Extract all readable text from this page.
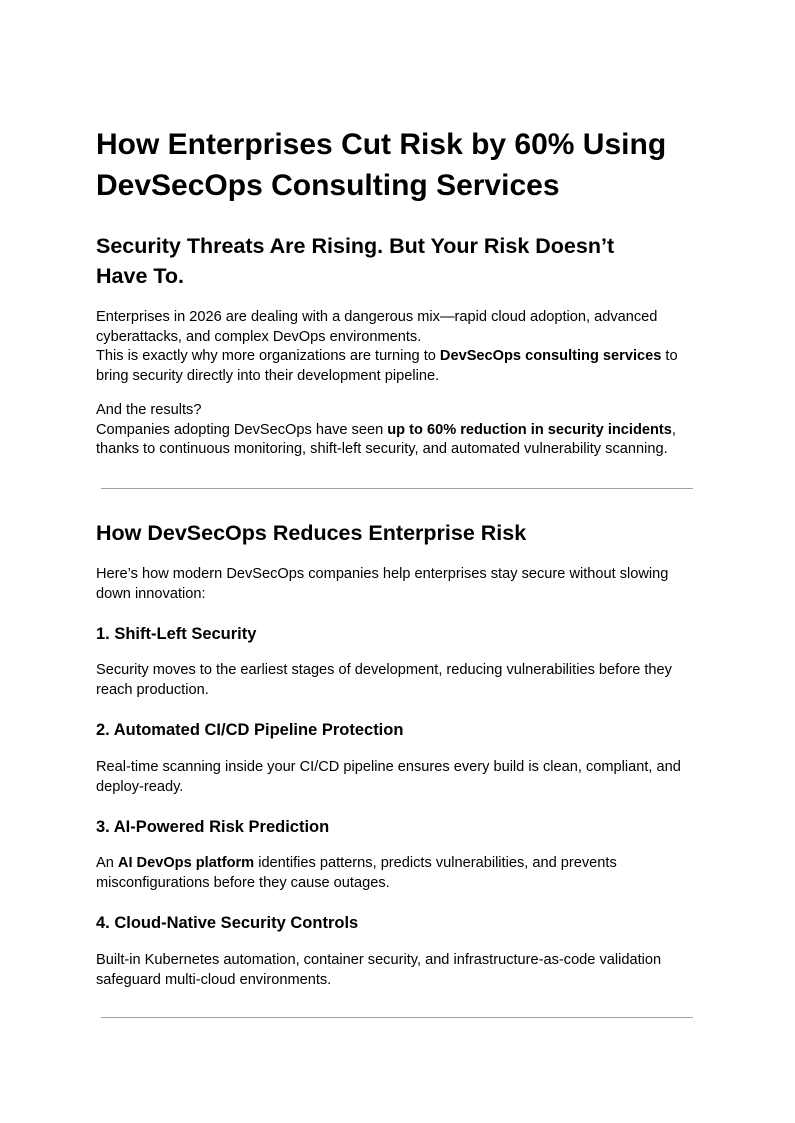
How Enterprises Cut Risk by 60% Using
DevSecOps Consulting Services
Security Threats Are Rising. But Your Risk Doesn’t
Have To.

Enterprises in 2026 are dealing with a dangerous mix—rapid cloud adoption, advanced
cyberattacks, and complex DevOps environments.
This is exactly why more organizations are turning to DevSecOps consulting services to
bring security directly into their development pipeline.

And the results?
Companies adopting DevSecOps have seen up to 60% reduction in security incidents,
thanks to continuous monitoring, shift-left security, and automated vulnerability scanning.

How DevSecOps Reduces Enterprise Risk

Here’s how modern DevSecOps companies help enterprises stay secure without slowing
down innovation:

1. Shift-Left Security

Security moves to the earliest stages of development, reducing vulnerabilities before they
reach production.

2. Automated CI/CD Pipeline Protection

Real-time scanning inside your CI/CD pipeline ensures every build is clean, compliant, and
deploy-ready.

3. AI-Powered Risk Prediction

An AI DevOps platform identifies patterns, predicts vulnerabilities, and prevents
misconfigurations before they cause outages.

4. Cloud-Native Security Controls

Built-in Kubernetes automation, container security, and infrastructure-as-code validation
safeguard multi-cloud environments.
